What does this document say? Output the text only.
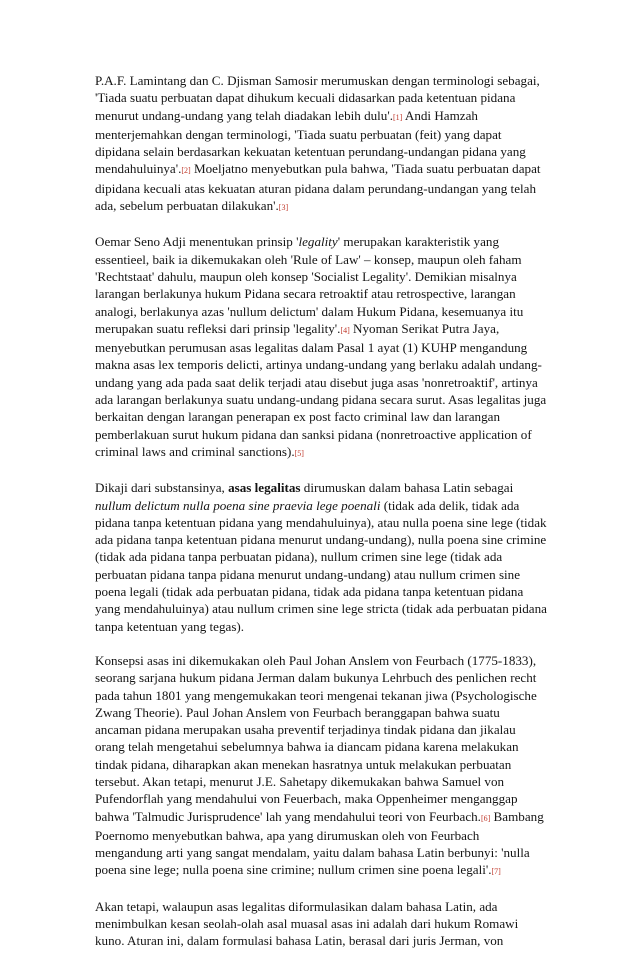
P.A.F. Lamintang dan C. Djisman Samosir merumuskan dengan terminologi sebagai, 'Tiada suatu perbuatan dapat dihukum kecuali didasarkan pada ketentuan pidana menurut undang-undang yang telah diadakan lebih dulu'.[1] Andi Hamzah menterjemahkan dengan terminologi, 'Tiada suatu perbuatan (feit) yang dapat dipidana selain berdasarkan kekuatan ketentuan perundang-undangan pidana yang mendahuluinya'.[2] Moeljatno menyebutkan pula bahwa, 'Tiada suatu perbuatan dapat dipidana kecuali atas kekuatan aturan pidana dalam perundang-undangan yang telah ada, sebelum perbuatan dilakukan'.[3]

Oemar Seno Adji menentukan prinsip 'legality' merupakan karakteristik yang essentieel, baik ia dikemukakan oleh 'Rule of Law' – konsep, maupun oleh faham 'Rechtstaat' dahulu, maupun oleh konsep 'Socialist Legality'. Demikian misalnya larangan berlakunya hukum Pidana secara retroaktif atau retrospective, larangan analogi, berlakunya azas 'nullum delictum' dalam Hukum Pidana, kesemuanya itu merupakan suatu refleksi dari prinsip 'legality'.[4] Nyoman Serikat Putra Jaya, menyebutkan perumusan asas legalitas dalam Pasal 1 ayat (1) KUHP mengandung makna asas lex temporis delicti, artinya undang-undang yang berlaku adalah undang-undang yang ada pada saat delik terjadi atau disebut juga asas 'nonretroaktif', artinya ada larangan berlakunya suatu undang-undang pidana secara surut. Asas legalitas juga berkaitan dengan larangan penerapan ex post facto criminal law dan larangan pemberlakuan surut hukum pidana dan sanksi pidana (nonretroactive application of criminal laws and criminal sanctions).[5]

Dikaji dari substansinya, asas legalitas dirumuskan dalam bahasa Latin sebagai nullum delictum nulla poena sine praevia lege poenali (tidak ada delik, tidak ada pidana tanpa ketentuan pidana yang mendahuluinya), atau nulla poena sine lege (tidak ada pidana tanpa ketentuan pidana menurut undang-undang), nulla poena sine crimine (tidak ada pidana tanpa perbuatan pidana), nullum crimen sine lege (tidak ada perbuatan pidana tanpa pidana menurut undang-undang) atau nullum crimen sine poena legali (tidak ada perbuatan pidana, tidak ada pidana tanpa ketentuan pidana yang mendahuluinya) atau nullum crimen sine lege stricta (tidak ada perbuatan pidana tanpa ketentuan yang tegas).

Konsepsi asas ini dikemukakan oleh Paul Johan Anslem von Feurbach (1775-1833), seorang sarjana hukum pidana Jerman dalam bukunya Lehrbuch des penlichen recht pada tahun 1801 yang mengemukakan teori mengenai tekanan jiwa (Psychologische Zwang Theorie). Paul Johan Anslem von Feurbach beranggapan bahwa suatu ancaman pidana merupakan usaha preventif terjadinya tindak pidana dan jikalau orang telah mengetahui sebelumnya bahwa ia diancam pidana karena melakukan tindak pidana, diharapkan akan menekan hasratnya untuk melakukan perbuatan tersebut. Akan tetapi, menurut J.E. Sahetapy dikemukakan bahwa Samuel von Pufendorflah yang mendahului von Feuerbach, maka Oppenheimer menganggap bahwa 'Talmudic Jurisprudence' lah yang mendahului teori von Feurbach.[6] Bambang Poernomo menyebutkan bahwa, apa yang dirumuskan oleh von Feurbach mengandung arti yang sangat mendalam, yaitu dalam bahasa Latin berbunyi: 'nulla poena sine lege; nulla poena sine crimine; nullum crimen sine poena legali'.[7]

Akan tetapi, walaupun asas legalitas diformulasikan dalam bahasa Latin, ada menimbulkan kesan seolah-olah asal muasal asas ini adalah dari hukum Romawi kuno. Aturan ini, dalam formulasi bahasa Latin, berasal dari juris Jerman, von
